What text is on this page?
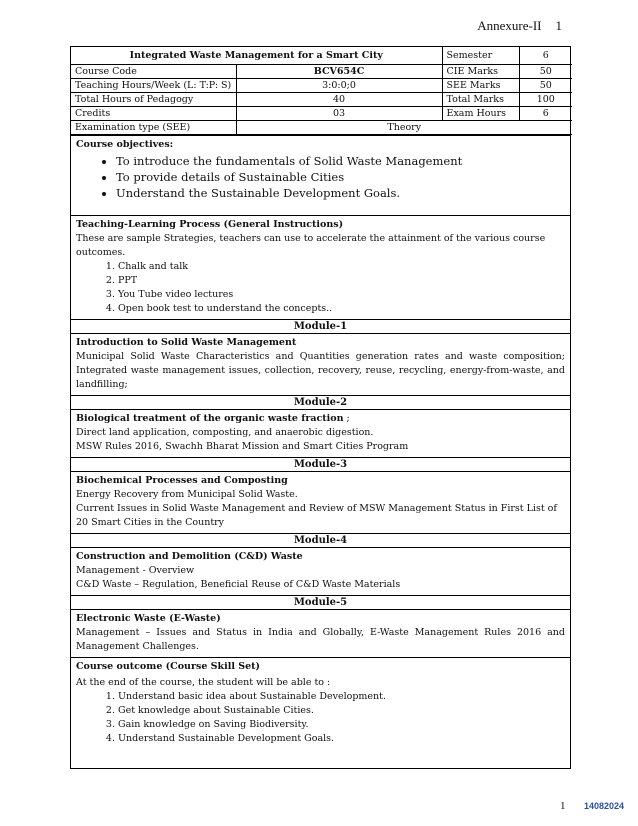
Annexure-II 1
Integrated Waste Management for a Smart City		Semester	6
Course Code	BCV654C	CIE Marks	50
Teaching Hours/Week (L: T:P: S)	3:0:0;0	SEE Marks	50
Total Hours of Pedagogy	40	Total Marks	100
Credits	03	Exam Hours	6
Examination type (SEE)	Theory		
Course objectives:
• To introduce the fundamentals of Solid Waste Management
• To provide details of Sustainable Cities
• Understand the Sustainable Development Goals.
Teaching-Learning Process (General Instructions)
These are sample Strategies, teachers can use to accelerate the attainment of the various course outcomes.
1. Chalk and talk
2. PPT
3. You Tube video lectures
4. Open book test to understand the concepts..
Module-1
Introduction to Solid Waste Management
Municipal Solid Waste Characteristics and Quantities generation rates and waste composition; Integrated waste management issues, collection, recovery, reuse, recycling, energy-from-waste, and landfilling;
Module-2
Biological treatment of the organic waste fraction ;
Direct land application, composting, and anaerobic digestion.
MSW Rules 2016, Swachh Bharat Mission and Smart Cities Program
Module-3
Biochemical Processes and Composting
Energy Recovery from Municipal Solid Waste.
Current Issues in Solid Waste Management and Review of MSW Management Status in First List of 20 Smart Cities in the Country
Module-4
Construction and Demolition (C&D) Waste
Management - Overview
C&D Waste – Regulation, Beneficial Reuse of C&D Waste Materials
Module-5
Electronic Waste (E-Waste)
Management – Issues and Status in India and Globally, E-Waste Management Rules 2016 and Management Challenges.
Course outcome (Course Skill Set)
At the end of the course, the student will be able to :
1. Understand basic idea about Sustainable Development.
2. Get knowledge about Sustainable Cities.
3. Gain knowledge on Saving Biodiversity.
4. Understand Sustainable Development Goals.
1 14082024
